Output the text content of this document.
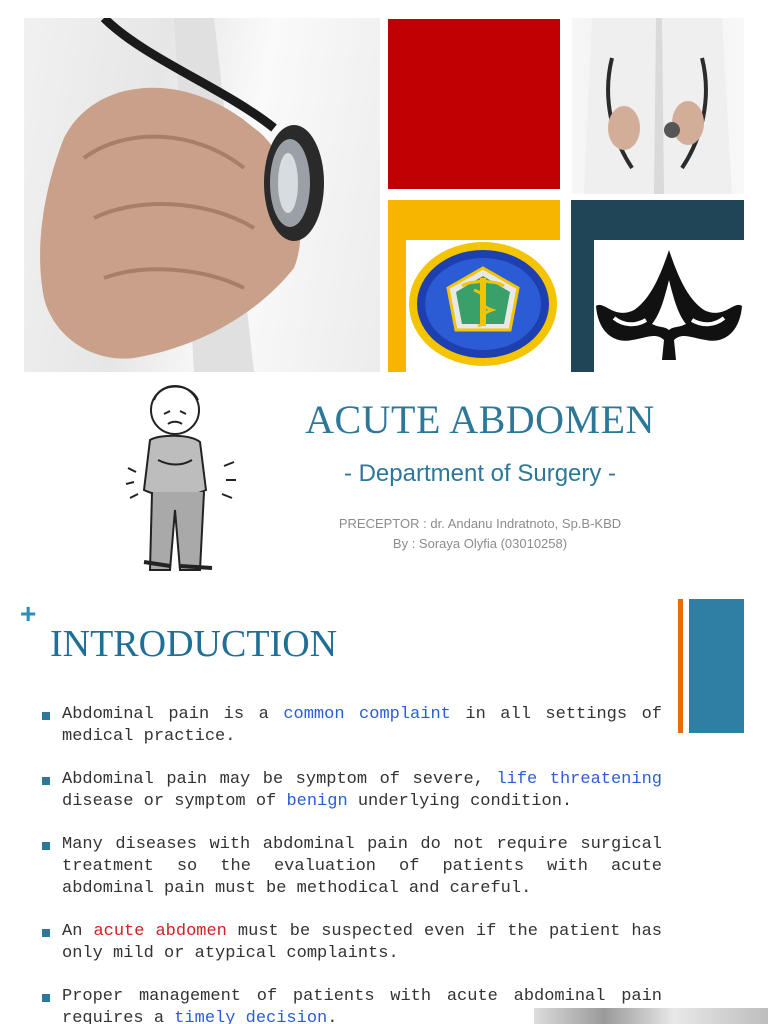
ACUTE ABDOMEN
- Department of Surgery -
PRECEPTOR : dr. Andanu Indratnoto, Sp.B-KBD
By : Soraya Olyfia (03010258)
+
INTRODUCTION
Abdominal pain is a common complaint in all settings of medical practice.
Abdominal pain may be symptom of severe, life threatening disease or symptom of benign underlying condition.
Many diseases with abdominal pain do not require surgical treatment so the evaluation of patients with acute abdominal pain must be methodical and careful.
An acute abdomen must be suspected even if the patient has only mild or atypical complaints.
Proper management of patients with acute abdominal pain requires a timely decision.
